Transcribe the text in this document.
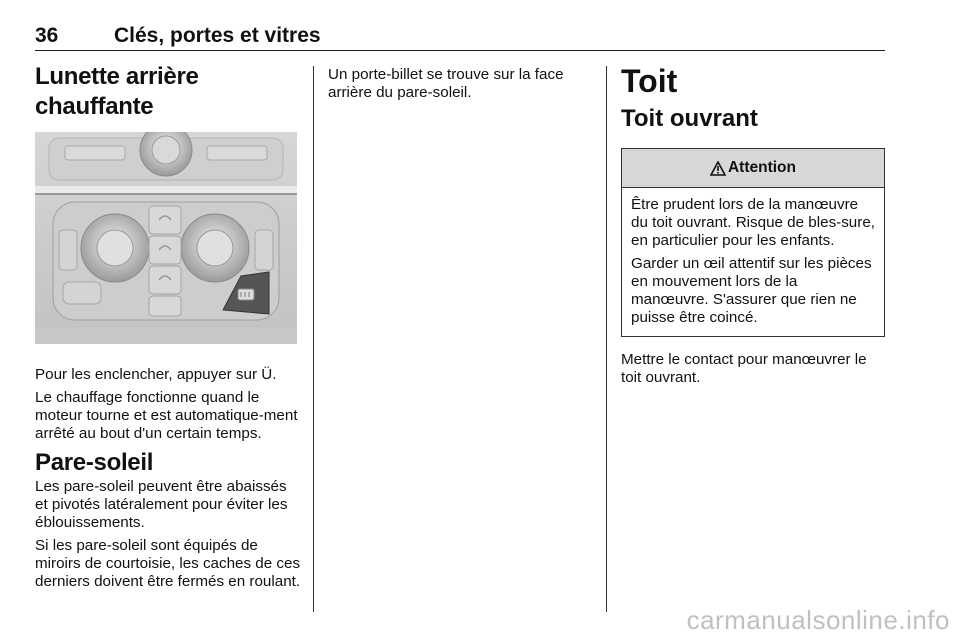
36	Clés, portes et vitres
Lunette arrière chauffante

Pour les enclencher, appuyer sur Ü.

Le chauffage fonctionne quand le moteur tourne et est automatique-ment arrêté au bout d'un certain temps.

Pare-soleil

Les pare-soleil peuvent être abaissés et pivotés latéralement pour éviter les éblouissements.

Si les pare-soleil sont équipés de miroirs de courtoisie, les caches de ces derniers doivent être fermés en roulant.

Un porte-billet se trouve sur la face arrière du pare-soleil.	Toit
Toit ouvrant
Attention

Être prudent lors de la manœuvre du toit ouvrant. Risque de bles-sure, en particulier pour les enfants.

Garder un œil attentif sur les pièces en mouvement lors de la manœuvre. S'assurer que rien ne puisse être coincé.

Mettre le contact pour manœuvrer le toit ouvrant.

carmanualsonline.info
